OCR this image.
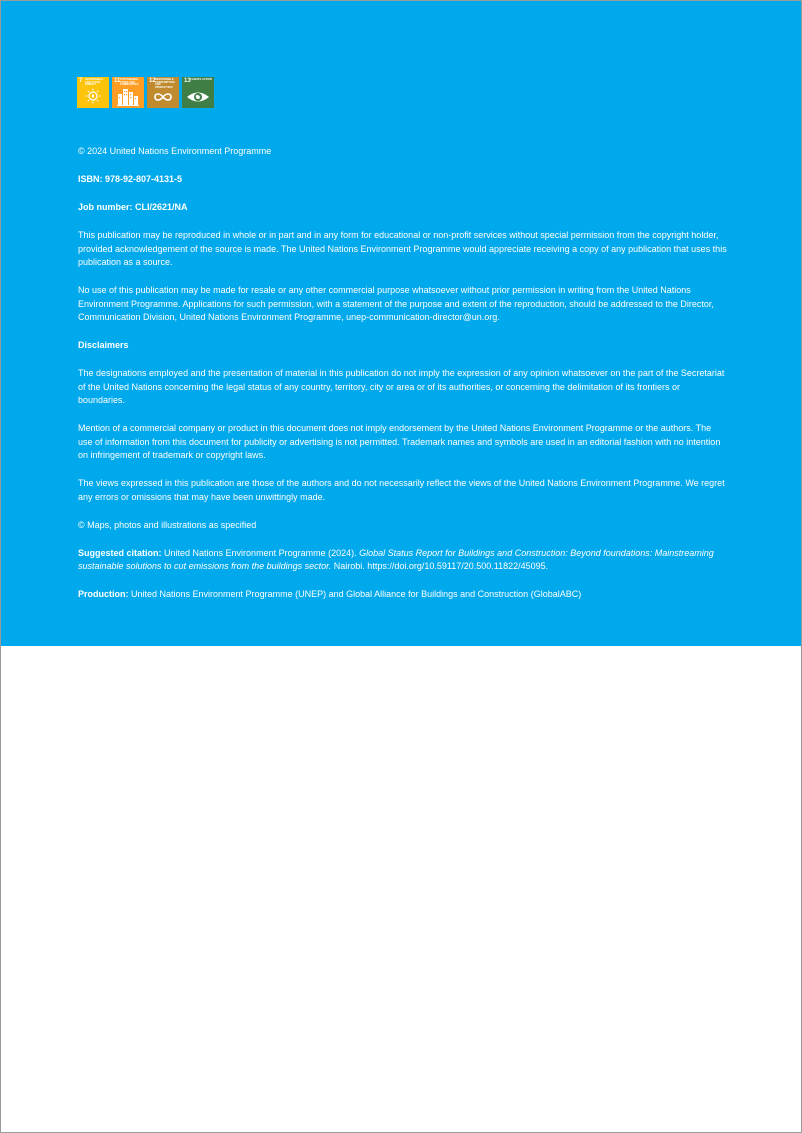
7 AFFORDABLE AND CLEAN ENERGY
11 SUSTAINABLE CITIES AND COMMUNITIES
12 RESPONSIBLE CONSUMPTION AND PRODUCTION
13 CLIMATE ACTION

© 2024 United Nations Environment Programme

ISBN: 978-92-807-4131-5

Job number: CLI/2621/NA

This publication may be reproduced in whole or in part and in any form for educational or non-profit services without special permission from the copyright holder, provided acknowledgement of the source is made. The United Nations Environment Programme would appreciate receiving a copy of any publication that uses this publication as a source.

No use of this publication may be made for resale or any other commercial purpose whatsoever without prior permission in writing from the United Nations Environment Programme. Applications for such permission, with a statement of the purpose and extent of the reproduction, should be addressed to the Director, Communication Division, United Nations Environment Programme, unep-communication-director@un.org.

Disclaimers

The designations employed and the presentation of material in this publication do not imply the expression of any opinion whatsoever on the part of the Secretariat of the United Nations concerning the legal status of any country, territory, city or area or of its authorities, or concerning the delimitation of its frontiers or boundaries.

Mention of a commercial company or product in this document does not imply endorsement by the United Nations Environment Programme or the authors. The use of information from this document for publicity or advertising is not permitted. Trademark names and symbols are used in an editorial fashion with no intention on infringement of trademark or copyright laws.

The views expressed in this publication are those of the authors and do not necessarily reflect the views of the United Nations Environment Programme. We regret any errors or omissions that may have been unwittingly made.

© Maps, photos and illustrations as specified

Suggested citation: United Nations Environment Programme (2024). Global Status Report for Buildings and Construction: Beyond foundations: Mainstreaming sustainable solutions to cut emissions from the buildings sector. Nairobi. https://doi.org/10.59117/20.500.11822/45095.

Production: United Nations Environment Programme (UNEP) and Global Alliance for Buildings and Construction (GlobalABC)
